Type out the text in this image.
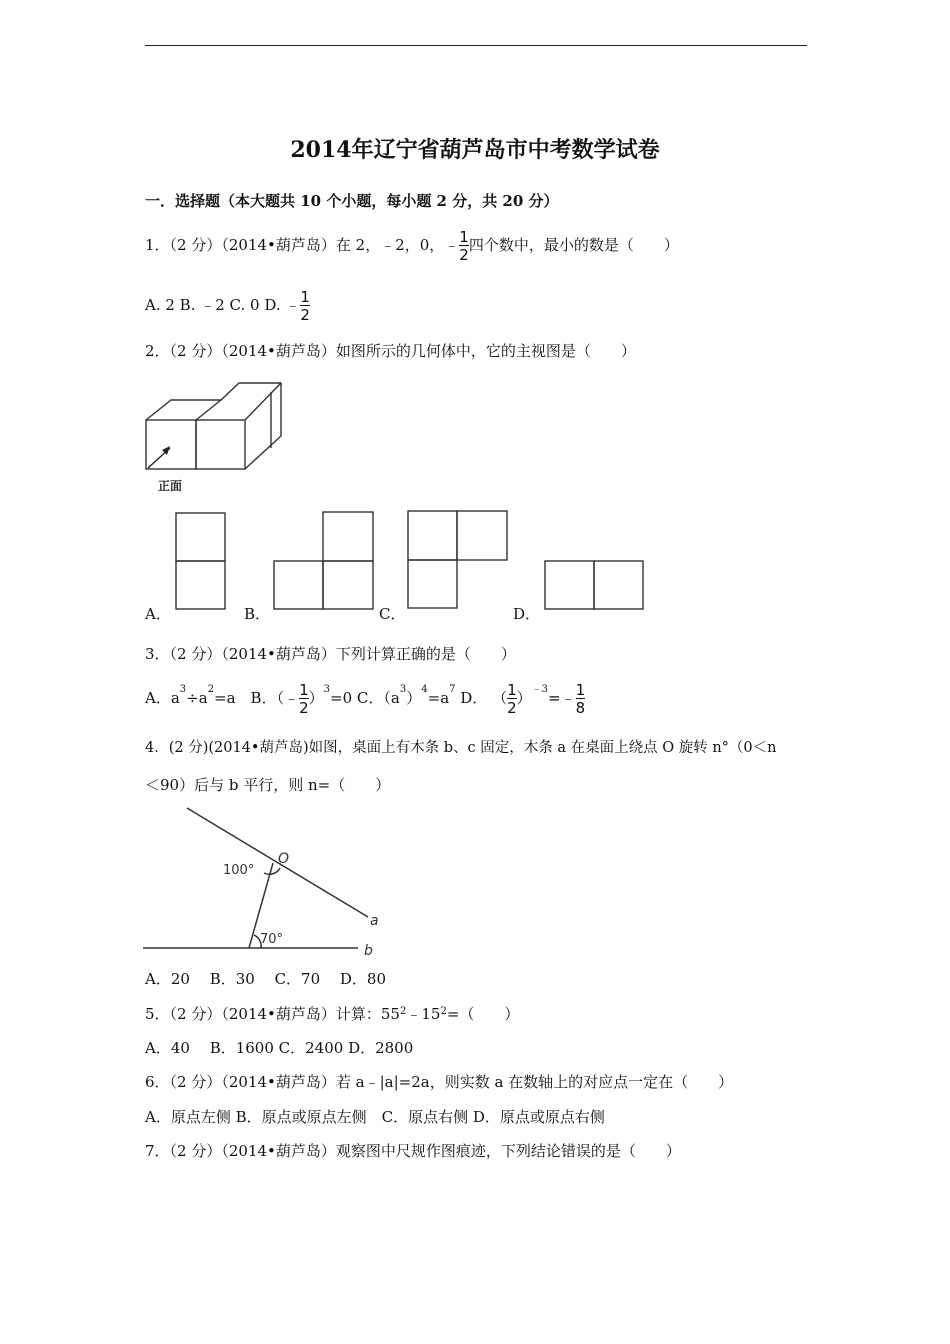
2014年辽宁省葫芦岛市中考数学试卷
一．选择题（本大题共 10 个小题，每小题 2 分，共 20 分）
1．（2 分）（2014•葫芦岛）在 2，﹣2，0，﹣ $\frac{1}{2}$ 四个数中，最小的数是（　　）
A. 2 B. ﹣2 C. 0 D. ﹣ $\frac{1}{2}$
2．（2 分）（2014•葫芦岛）如图所示的几何体中，它的主视图是（　　）
正面
A．	B．	C．	D．
3．（2 分）（2014•葫芦岛）下列计算正确的是（　　）
A．$a^3\div a^2=a$　B．（﹣ $\frac{1}{2} )^3=0$ C．$(a^3)^4=a^7$ D． （ $\frac{1}{2}$ ）$^{﹣3}$=﹣ $\frac{1}{8}$
4．(2 分)(2014•葫芦岛)如图，桌面上有木条 b、c 固定，木条 a 在桌面上绕点 O 旋转 n°（0＜n
＜90）后与 b 平行，则 n=（　　）
100°
O
70°
a
b
A．20　 B．30　 C．70　 D．80
5．（2 分）（2014•葫芦岛）计算：$55^2﹣15^2=$（　　）
A．40　 B．1600 C．2400 D．2800
6．（2 分）（2014•葫芦岛）若 a﹣|a|=2a，则实数 a 在数轴上的对应点一定在（　　）
A．原点左侧 B．原点或原点左侧　C．原点右侧 D．原点或原点右侧
7．（2 分）（2014•葫芦岛）观察图中尺规作图痕迹，下列结论错误的是（　　）
